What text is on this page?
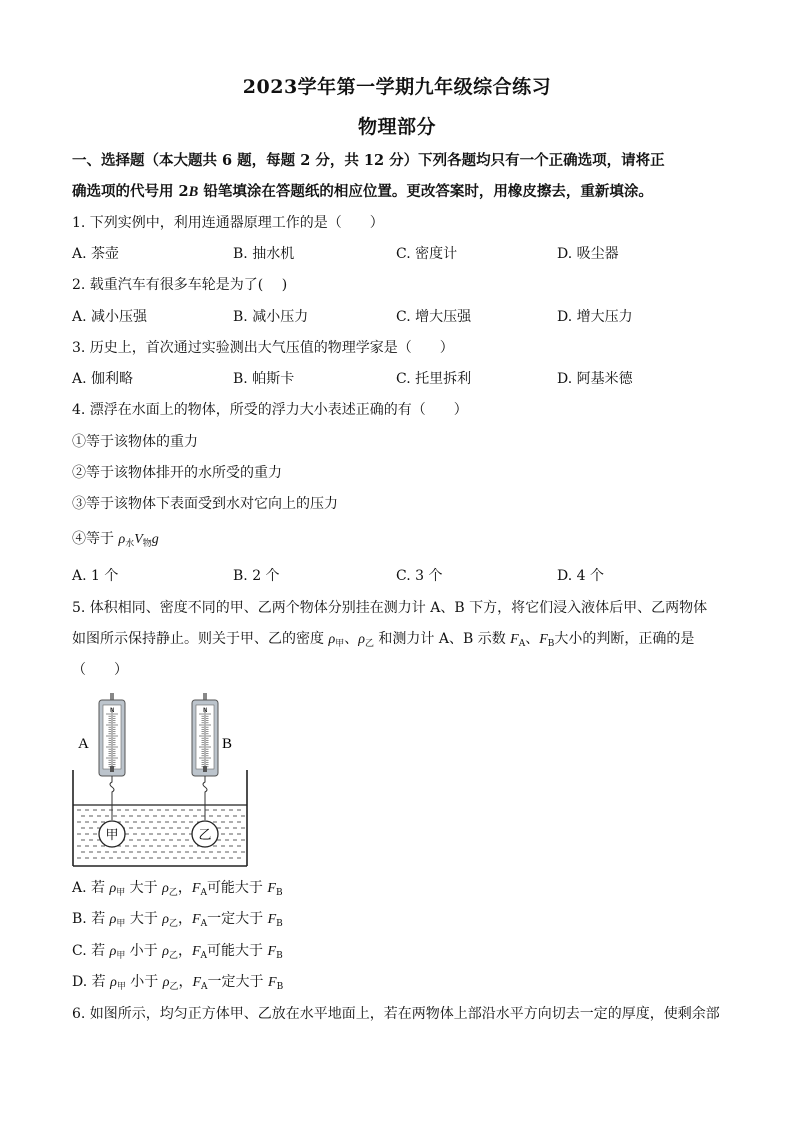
2023学年第一学期九年级综合练习
物理部分
一、选择题（本大题共 6 题，每题 2 分，共 12 分）下列各题均只有一个正确选项，请将正
确选项的代号用 2B 铅笔填涂在答题纸的相应位置。更改答案时，用橡皮擦去，重新填涂。
1. 下列实例中，利用连通器原理工作的是（　　）
A. 茶壶	B. 抽水机	C. 密度计	D. 吸尘器
2. 载重汽车有很多车轮是为了(　 )
A. 减小压强	B. 减小压力	C. 增大压强	D. 增大压力
3. 历史上，首次通过实验测出大气压值的物理学家是（　　）
A. 伽利略	B. 帕斯卡	C. 托里拆利	D. 阿基米德
4. 漂浮在水面上的物体，所受的浮力大小表述正确的有（　　）
①等于该物体的重力
②等于该物体排开的水所受的重力
③等于该物体下表面受到水对它向上的压力
④等于 $\rho_水V_物g$
A. 1 个	B. 2 个	C. 3 个	D. 4 个
5. 体积相同、密度不同的甲、乙两个物体分别挂在测力计 A、B 下方，将它们浸入液体后甲、乙两物体
如图所示保持静止。则关于甲、乙的密度 $\rho_甲$、$\rho_乙$ 和测力计 A、B 示数 $F_A$、$F_B$大小的判断，正确的是
（　　）
N
A
N
B
甲	乙
A. 若 $\rho_甲$ 大于 $\rho_乙$，$F_A$可能大于 $F_B$
B. 若 $\rho_甲$ 大于 $\rho_乙$，$F_A$一定大于 $F_B$
C. 若 $\rho_甲$ 小于 $\rho_乙$，$F_A$可能大于 $F_B$
D. 若 $\rho_甲$ 小于 $\rho_乙$，$F_A$一定大于 $F_B$
6. 如图所示，均匀正方体甲、乙放在水平地面上，若在两物体上部沿水平方向切去一定的厚度，使剩余部
